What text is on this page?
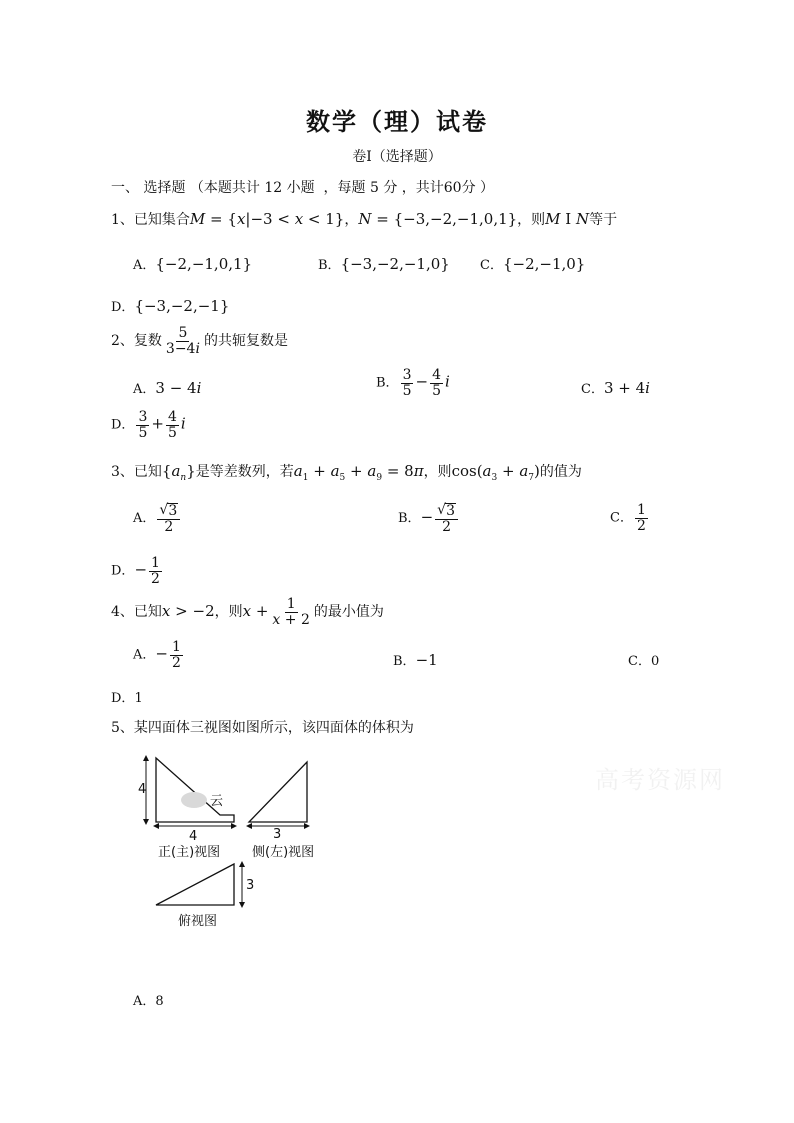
数学（理）试卷
卷Ⅰ（选择题）
一、 选择题 （本题共计 12 小题  ，每题 5 分 ，共计60分 ）
1、已知集合M = {x|−3 < x < 1}，N = {−3,−2,−1,0,1}，则M I N等于
A．{−2,−1,0,1}	B．{−3,−2,−1,0} C．{−2,−1,0}
D．{−3,−2,−1}
2、复数 $\frac{5}{3-4i}$ 的共轭复数是
A．3 − 4i	B． $\frac{3}{5} - \frac{4}{5}$ i	C．3 + 4i
D． $\frac{3}{5} + \frac{4}{5}$ i
3、已知$\{a_n\}$是等差数列，若$a_1 + a_5 + a_9 = 8\pi$，则$\cos(a_3 + a_7)$的值为
A． $\frac{√ 3}{2}$	B．− $\frac{√ 3}{2}$	C． $\frac{1}{2}$
D．− $\frac{1}{2}$
4、已知x > −2，则$x + \frac{1}{x + 2}$ 的最小值为
A．− $\frac{1}{2}$	B．−1	C．0
D．1
5、某四面体三视图如图所示，该四面体的体积为
4
4
云
正(主)视图
3
侧(左)视图
3
俯视图
高考资源网
A．8
